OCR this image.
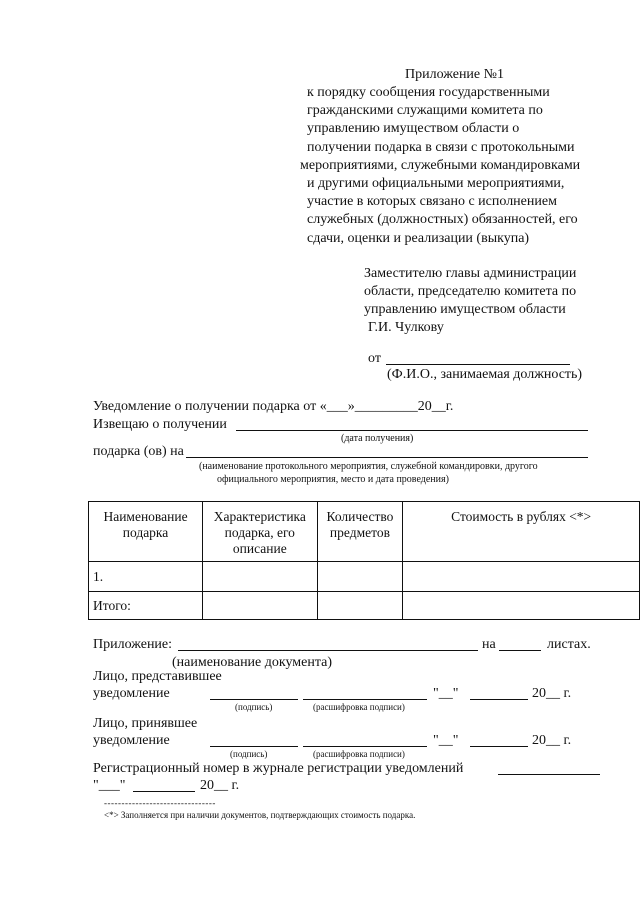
Приложение №1
к порядку сообщения государственными
гражданскими служащими комитета по
управлению имуществом области о
получении подарка в связи с протокольными
мероприятиями, служебными командировками
и другими официальными мероприятиями,
участие в которых связано с исполнением
служебных (должностных) обязанностей, его
сдачи, оценки и реализации (выкупа)
Заместителю главы администрации
области, председателю комитета по
управлению имуществом области
Г.И. Чулкову
от
(Ф.И.О., занимаемая должность)
Уведомление о получении подарка от «___»_________20__г.
Извещаю о получении
(дата получения)
подарка (ов) на
(наименование протокольного мероприятия, служебной командировки, другого
официального мероприятия, место и дата проведения)
Наименование подарка	Характеристика подарка, его описание	Количество предметов	Стоимость в рублях <*>
1.			
Итого:			
Приложение:	на	листах.
(наименование документа)
Лицо, представившее
уведомление	"__"	20__ г.
(подпись)	(расшифровка подписи)
Лицо, принявшее
уведомление	"__"	20__ г.
(подпись)	(расшифровка подписи)
Регистрационный номер в журнале регистрации уведомлений
"___"	20__ г.
--------------------------------
<*> Заполняется при наличии документов, подтверждающих стоимость подарка.
